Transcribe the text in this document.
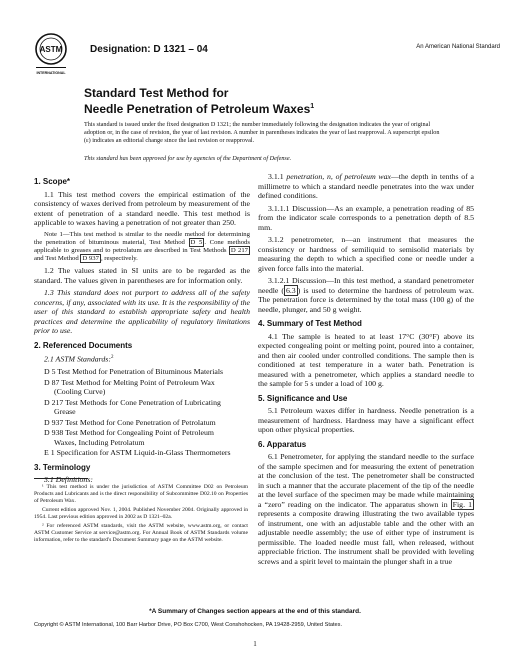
ASTM
INTERNATIONAL
Designation: D 1321 – 04	An American National Standard
Standard Test Method for
Needle Penetration of Petroleum Waxes$^1$
This standard is issued under the fixed designation D 1321; the number immediately following the designation indicates the year of original adoption or, in the case of revision, the year of last revision. A number in parentheses indicates the year of last reapproval. A superscript epsilon (ε) indicates an editorial change since the last revision or reapproval.
This standard has been approved for use by agencies of the Department of Defense.
1. Scope*

1.1 This test method covers the empirical estimation of the consistency of waxes derived from petroleum by measurement of the extent of penetration of a standard needle. This test method is applicable to waxes having a penetration of not greater than 250.

Note 1—This test method is similar to the needle method for determining the penetration of bituminous material, Test Method D 5 . Cone methods applicable to greases and to petrolatum are described in Test Methods D 217 and Test Method D 937 , respectively.

1.2 The values stated in SI units are to be regarded as the standard. The values given in parentheses are for information only.

1.3 This standard does not purport to address all of the safety concerns, if any, associated with its use. It is the responsibility of the user of this standard to establish appropriate safety and health practices and determine the applicability of regulatory limitations prior to use.

2. Referenced Documents

2.1 ASTM Standards:$^2$

D 5 Test Method for Penetration of Bituminous Materials
D 87 Test Method for Melting Point of Petroleum Wax
(Cooling Curve)
D 217 Test Methods for Cone Penetration of Lubricating
Grease
D 937 Test Method for Cone Penetration of Petrolatum
D 938 Test Method for Congealing Point of Petroleum
Waxes, Including Petrolatum
E 1 Specification for ASTM Liquid-in-Glass Thermometers
3. Terminology

3.1 Definitions:

¹ This test method is under the jurisdiction of ASTM Committee D02 on Petroleum Products and Lubricants and is the direct responsibility of Subcommittee D02.10 on Properties of Petroleum Wax.

Current edition approved Nov. 1, 2004. Published November 2004. Originally approved in 1954. Last previous edition approved in 2002 as D 1321–02a.

² For referenced ASTM standards, visit the ASTM website, www.astm.org, or contact ASTM Customer Service at service@astm.org. For Annual Book of ASTM Standards volume information, refer to the standard's Document Summary page on the ASTM website.

3.1.1 penetration, n, of petroleum wax—the depth in tenths of a millimetre to which a standard needle penetrates into the wax under defined conditions.

3.1.1.1 Discussion—As an example, a penetration reading of 85 from the indicator scale corresponds to a penetration depth of 8.5 mm.

3.1.2 penetrometer, n—an instrument that measures the consistency or hardness of semiliquid to semisolid materials by measuring the depth to which a specified cone or needle under a given force falls into the material.

3.1.2.1 Discussion—In this test method, a standard penetrometer needle ( 6.3 ) is used to determine the hardness of petroleum wax. The penetration force is determined by the total mass (100 g) of the needle, plunger, and 50 g weight.

4. Summary of Test Method

4.1 The sample is heated to at least 17°C (30°F) above its expected congealing point or melting point, poured into a container, and then air cooled under controlled conditions. The sample then is conditioned at test temperature in a water bath. Penetration is measured with a penetrometer, which applies a standard needle to the sample for 5 s under a load of 100 g.

5. Significance and Use

5.1 Petroleum waxes differ in hardness. Needle penetration is a measurement of hardness. Hardness may have a significant effect upon other physical properties.

6. Apparatus

6.1 Penetrometer, for applying the standard needle to the surface of the sample specimen and for measuring the extent of penetration at the conclusion of the test. The penetrometer shall be constructed in such a manner that the accurate placement of the tip of the needle at the level surface of the specimen may be made while maintaining a “zero” reading on the indicator. The apparatus shown in Fig. 1 represents a composite drawing illustrating the two available types of instrument, one with an adjustable table and the other with an adjustable needle assembly; the use of either type of instrument is permissible. The loaded needle must fall, when released, without appreciable friction. The instrument shall be provided with leveling screws and a spirit level to maintain the plunger shaft in a true

*A Summary of Changes section appears at the end of this standard.
Copyright © ASTM International, 100 Barr Harbor Drive, PO Box C700, West Conshohocken, PA 19428-2959, United States.
1
